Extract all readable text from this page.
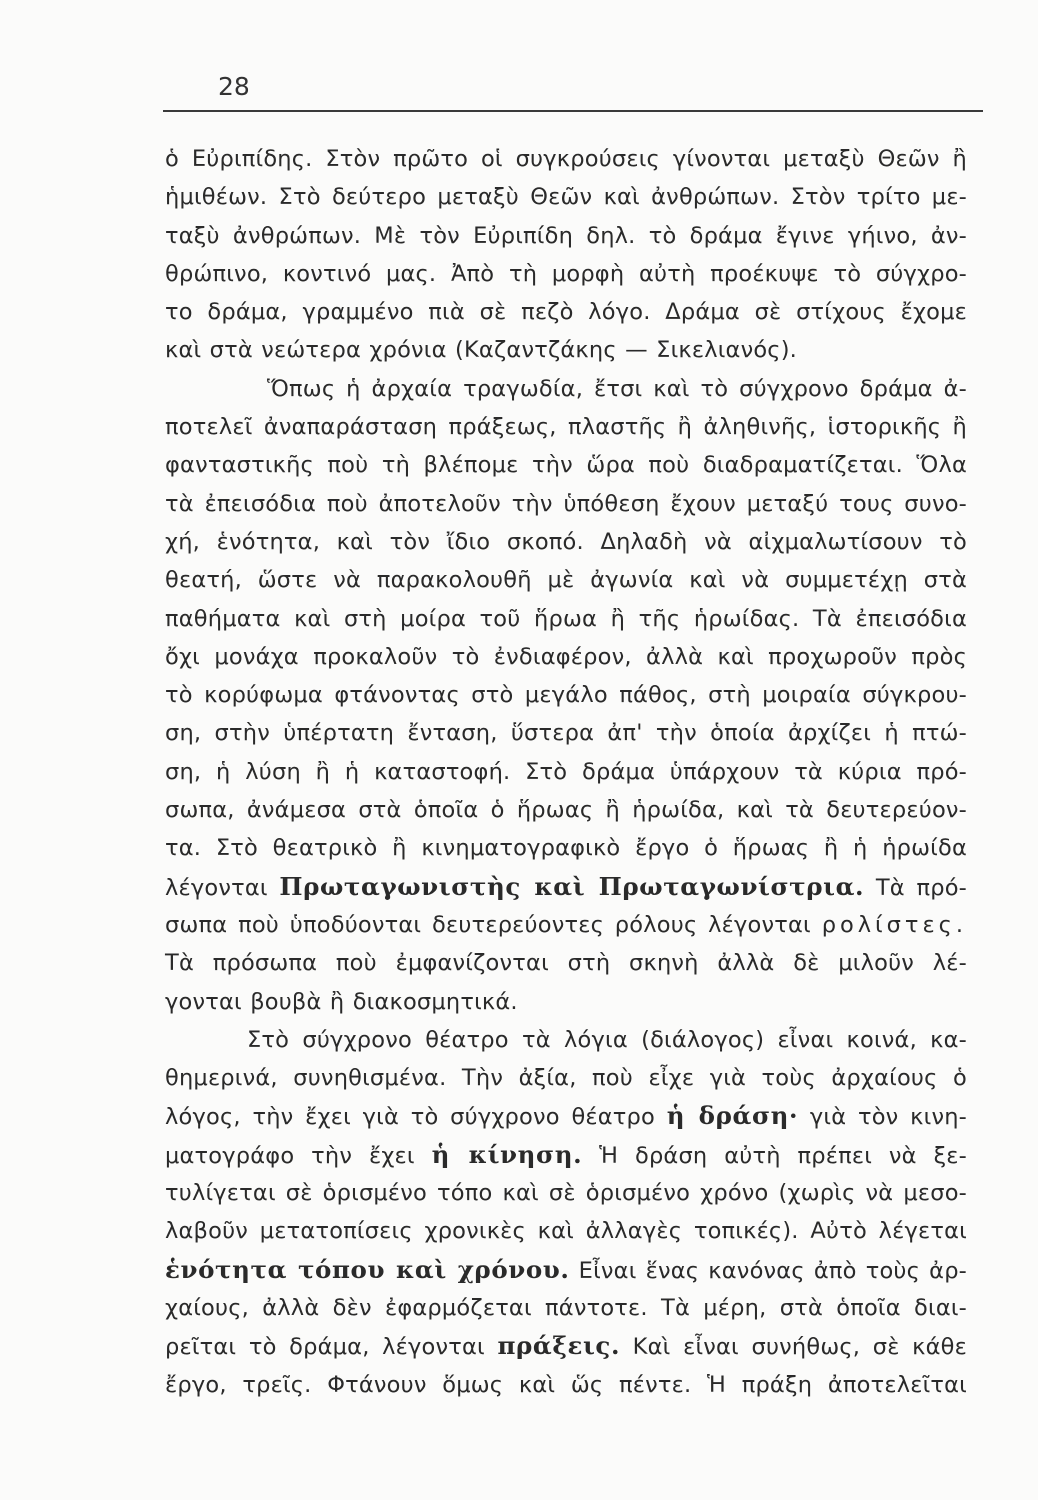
28
ὁ Εὐριπίδης. Στὸν πρῶτο οἱ συγκρούσεις γίνονται μεταξὺ Θεῶν ἢ
ἡμιθέων. Στὸ δεύτερο μεταξὺ Θεῶν καὶ ἀνθρώπων. Στὸν τρίτο με-
ταξὺ ἀνθρώπων. Μὲ τὸν Εὐριπίδη δηλ. τὸ δράμα ἔγινε γήινο, ἀν-
θρώπινο, κοντινό μας. Ἀπὸ τὴ μορφὴ αὐτὴ προέκυψε τὸ σύγχρο-
το δράμα, γραμμένο πιὰ σὲ πεζὸ λόγο. Δράμα σὲ στίχους ἔχομε
καὶ στὰ νεώτερα χρόνια (Καζαντζάκης — Σικελιανός).
Ὅπως ἡ ἀρχαία τραγωδία, ἔτσι καὶ τὸ σύγχρονο δράμα ἀ-
ποτελεῖ ἀναπαράσταση πράξεως, πλαστῆς ἢ ἀληθινῆς, ἱστορικῆς ἢ
φανταστικῆς ποὺ τὴ βλέπομε τὴν ὥρα ποὺ διαδραματίζεται. Ὅλα
τὰ ἐπεισόδια ποὺ ἀποτελοῦν τὴν ὑπόθεση ἔχουν μεταξύ τους συνο-
χή, ἑνότητα, καὶ τὸν ἴδιο σκοπό. Δηλαδὴ νὰ αἰχμαλωτίσουν τὸ
θεατή, ὥστε νὰ παρακολουθῆ μὲ ἀγωνία καὶ νὰ συμμετέχῃ στὰ
παθήματα καὶ στὴ μοίρα τοῦ ἥρωα ἢ τῆς ἡρωίδας. Τὰ ἐπεισόδια
ὄχι μονάχα προκαλοῦν τὸ ἐνδιαφέρον, ἀλλὰ καὶ προχωροῦν πρὸς
τὸ κορύφωμα φτάνοντας στὸ μεγάλο πάθος, στὴ μοιραία σύγκρου-
ση, στὴν ὑπέρτατη ἔνταση, ὕστερα ἀπ' τὴν ὁποία ἀρχίζει ἡ πτώ-
ση, ἡ λύση ἢ ἡ καταστοφή. Στὸ δράμα ὑπάρχουν τὰ κύρια πρό-
σωπα, ἀνάμεσα στὰ ὁποῖα ὁ ἥρωας ἢ ἡρωίδα, καὶ τὰ δευτερεύον-
τα. Στὸ θεατρικὸ ἢ κινηματογραφικὸ ἔργο ὁ ἥρωας ἢ ἡ ἡρωίδα
λέγονται Πρωταγωνιστὴς καὶ Πρωταγωνίστρια. Τὰ πρό-
σωπα ποὺ ὑποδύονται δευτερεύοντες ρόλους λέγονται ρολίστες.
Τὰ πρόσωπα ποὺ ἐμφανίζονται στὴ σκηνὴ ἀλλὰ δὲ μιλοῦν λέ-
γονται βουβὰ ἢ διακοσμητικά.
Στὸ σύγχρονο θέατρο τὰ λόγια (διάλογος) εἶναι κοινά, κα-
θημερινά, συνηθισμένα. Τὴν ἀξία, ποὺ εἶχε γιὰ τοὺς ἀρχαίους ὁ
λόγος, τὴν ἔχει γιὰ τὸ σύγχρονο θέατρο ἡ δράση· γιὰ τὸν κινη-
ματογράφο τὴν ἔχει ἡ κίνηση. Ἡ δράση αὐτὴ πρέπει νὰ ξε-
τυλίγεται σὲ ὁρισμένο τόπο καὶ σὲ ὁρισμένο χρόνο (χωρὶς νὰ μεσο-
λαβοῦν μετατοπίσεις χρονικὲς καὶ ἀλλαγὲς τοπικές). Αὐτὸ λέγεται
ἑνότητα τόπου καὶ χρόνου. Εἶναι ἕνας κανόνας ἀπὸ τοὺς ἀρ-
χαίους, ἀλλὰ δὲν ἐφαρμόζεται πάντοτε. Τὰ μέρη, στὰ ὁποῖα διαι-
ρεῖται τὸ δράμα, λέγονται πράξεις. Καὶ εἶναι συνήθως, σὲ κάθε
ἔργο, τρεῖς. Φτάνουν ὅμως καὶ ὥς πέντε. Ἡ πράξη ἀποτελεῖται
